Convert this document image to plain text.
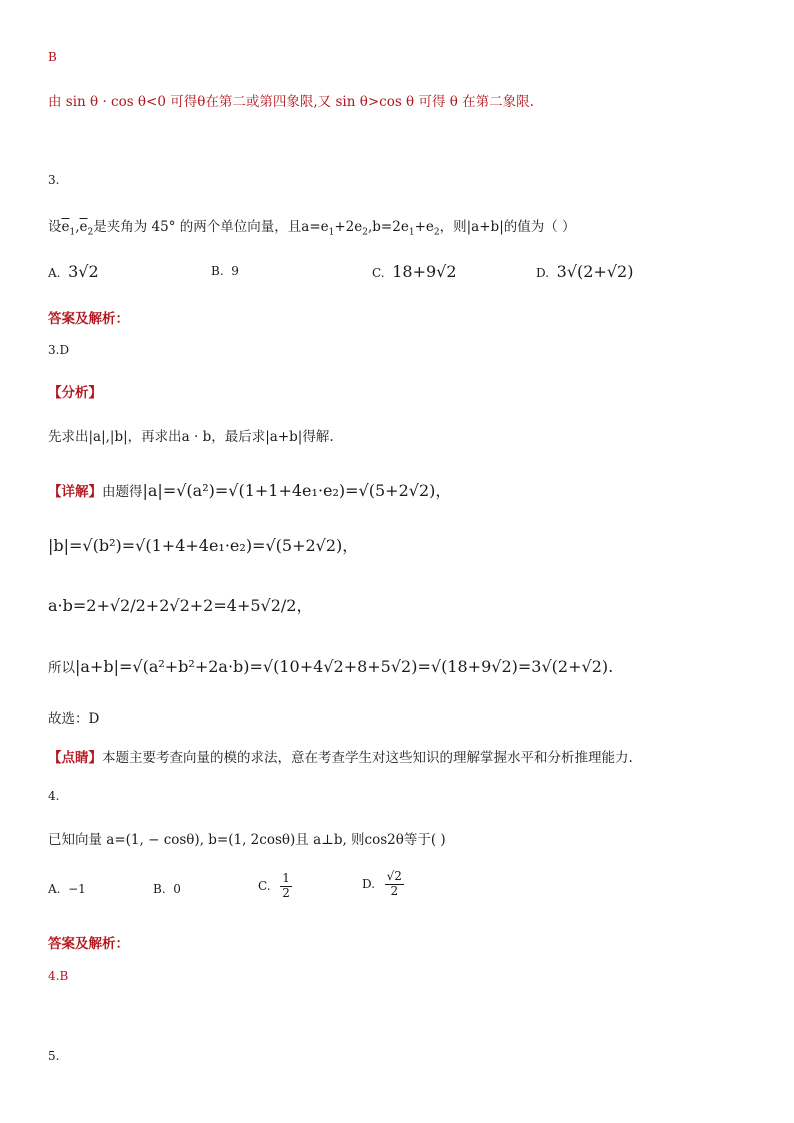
B
由 sin θ · cos θ<0 可得θ在第二或第四象限,又 sin θ>cos θ 可得 θ 在第二象限.
3.
设$\overline{e}_1,\overline{e}_2$是夹角为 45° 的两个单位向量，且$a=e_1+2e_2,b=2e_1+e_2$，则|a+b|的值为（ ）
A. 3√2	B. 9	C. 18+9√2	D. 3√(2+√2)
答案及解析：
3.D
【分析】
先求出|a|,|b|，再求出a · b，最后求|a+b|得解.
【详解】由题得|a|=√(a²)=√(1+1+4e₁·e₂)=√(5+2√2)，
|b|=√(b²)=√(1+4+4e₁·e₂)=√(5+2√2)，
a·b=2+√2/2+2√2+2=4+5√2/2，
所以|a+b|=√(a²+b²+2a·b)=√(10+4√2+8+5√2)=√(18+9√2)=3√(2+√2).
故选：D
【点睛】本题主要考查向量的模的求法，意在考查学生对这些知识的理解掌握水平和分析推理能力.
4.
已知向量 a=(1, − cosθ), b=(1, 2cosθ)且 a⊥b, 则cos2θ等于( )
A. −1	B. 0	C. $\frac{1}{2}$	D. $\frac{√2}{2}$
答案及解析：
4.B
5.
